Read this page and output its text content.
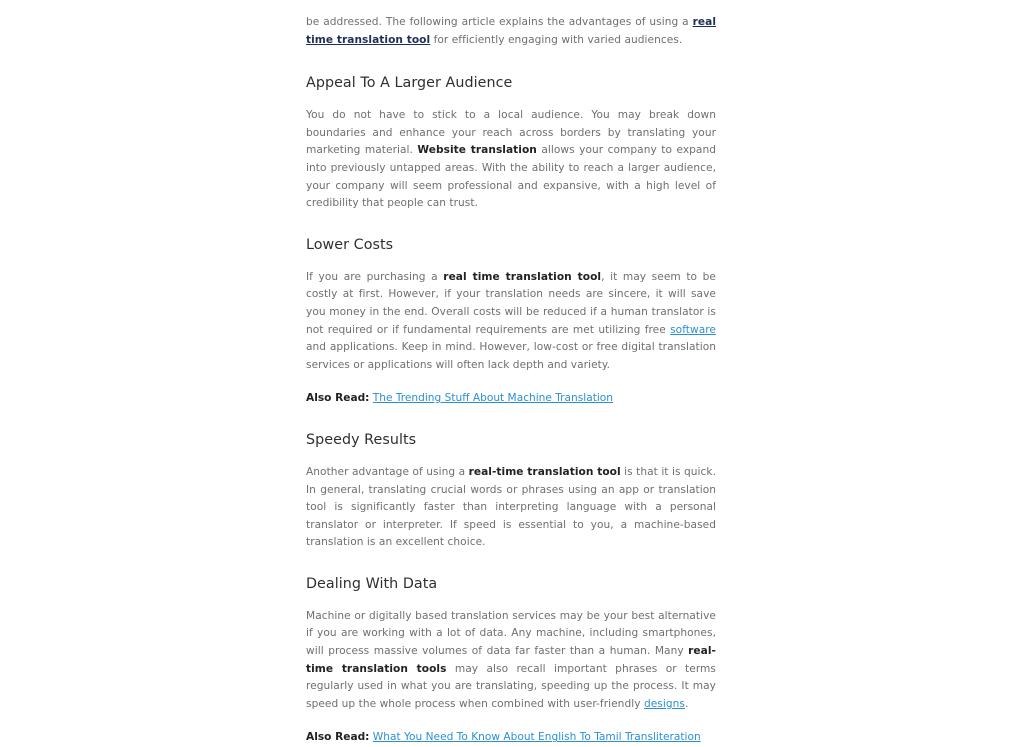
be addressed. The following article explains the advantages of using a real time translation tool for efficiently engaging with varied audiences.

Appeal To A Larger Audience

You do not have to stick to a local audience. You may break down boundaries and enhance your reach across borders by translating your marketing material. Website translation allows your company to expand into previously untapped areas. With the ability to reach a larger audience, your company will seem professional and expansive, with a high level of credibility that people can trust.

Lower Costs

If you are purchasing a real time translation tool, it may seem to be costly at first. However, if your translation needs are sincere, it will save you money in the end. Overall costs will be reduced if a human translator is not required or if fundamental requirements are met utilizing free software and applications. Keep in mind. However, low-cost or free digital translation services or applications will often lack depth and variety.

Also Read: The Trending Stuff About Machine Translation

Speedy Results

Another advantage of using a real-time translation tool is that it is quick. In general, translating crucial words or phrases using an app or translation tool is significantly faster than interpreting language with a personal translator or interpreter. If speed is essential to you, a machine-based translation is an excellent choice.

Dealing With Data

Machine or digitally based translation services may be your best alternative if you are working with a lot of data. Any machine, including smartphones, will process massive volumes of data far faster than a human. Many real-time translation tools may also recall important phrases or terms regularly used in what you are translating, speeding up the process. It may speed up the whole process when combined with user-friendly designs.

Also Read: What You Need To Know About English To Tamil Transliteration
